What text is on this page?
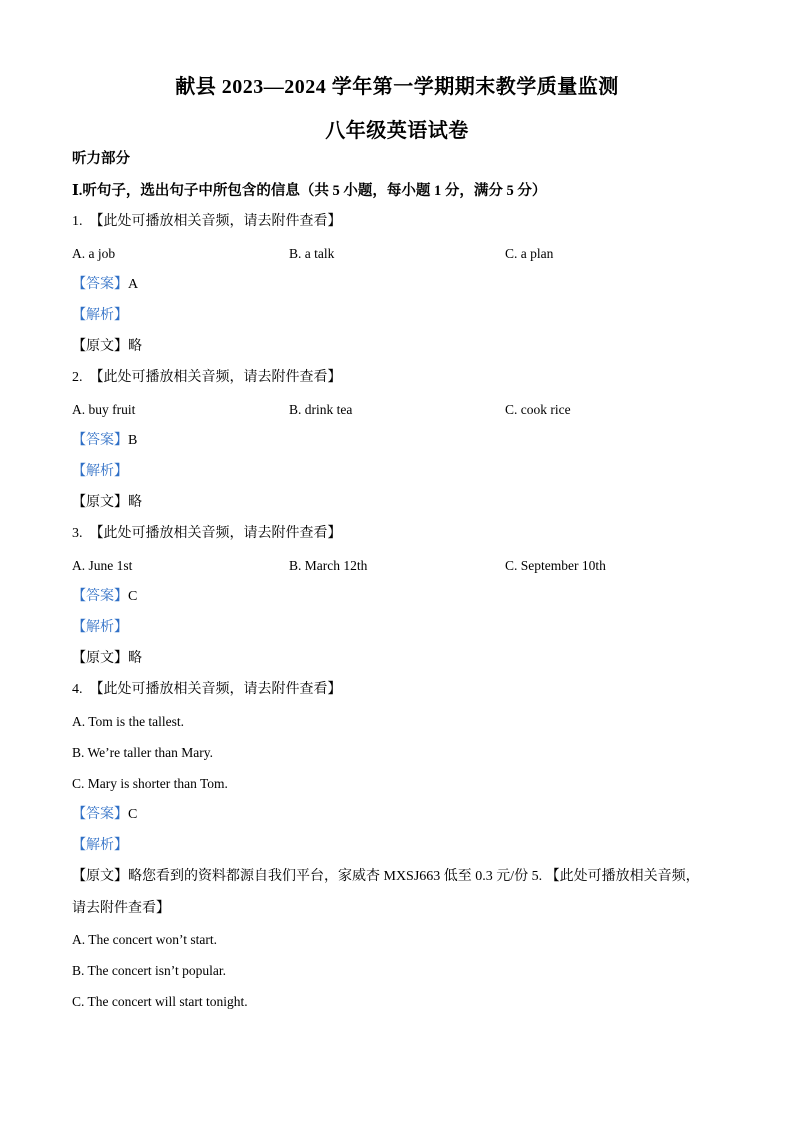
献县 2023—2024 学年第一学期期末教学质量监测
八年级英语试卷
听力部分
Ⅰ.听句子，选出句子中所包含的信息（共 5 小题，每小题 1 分，满分 5 分）
1. 【此处可播放相关音频，请去附件查看】
A. a job	B. a talk	C. a plan
【答案】A
【解析】
【原文】略
2. 【此处可播放相关音频，请去附件查看】
A. buy fruit	B. drink tea	C. cook rice
【答案】B
【解析】
【原文】略
3. 【此处可播放相关音频，请去附件查看】
A. June 1st	B. March 12th	C. September 10th
【答案】C
【解析】
【原文】略
4. 【此处可播放相关音频，请去附件查看】
A. Tom is the tallest.
B. We’re taller than Mary.
C. Mary is shorter than Tom.
【答案】C
【解析】
【原文】略您看到的资料都源自我们平台，家威杏 MXSJ663 低至 0.3 元/份 5. 【此处可播放相关音频，
请去附件查看】
A. The concert won’t start.
B. The concert isn’t popular.
C. The concert will start tonight.
